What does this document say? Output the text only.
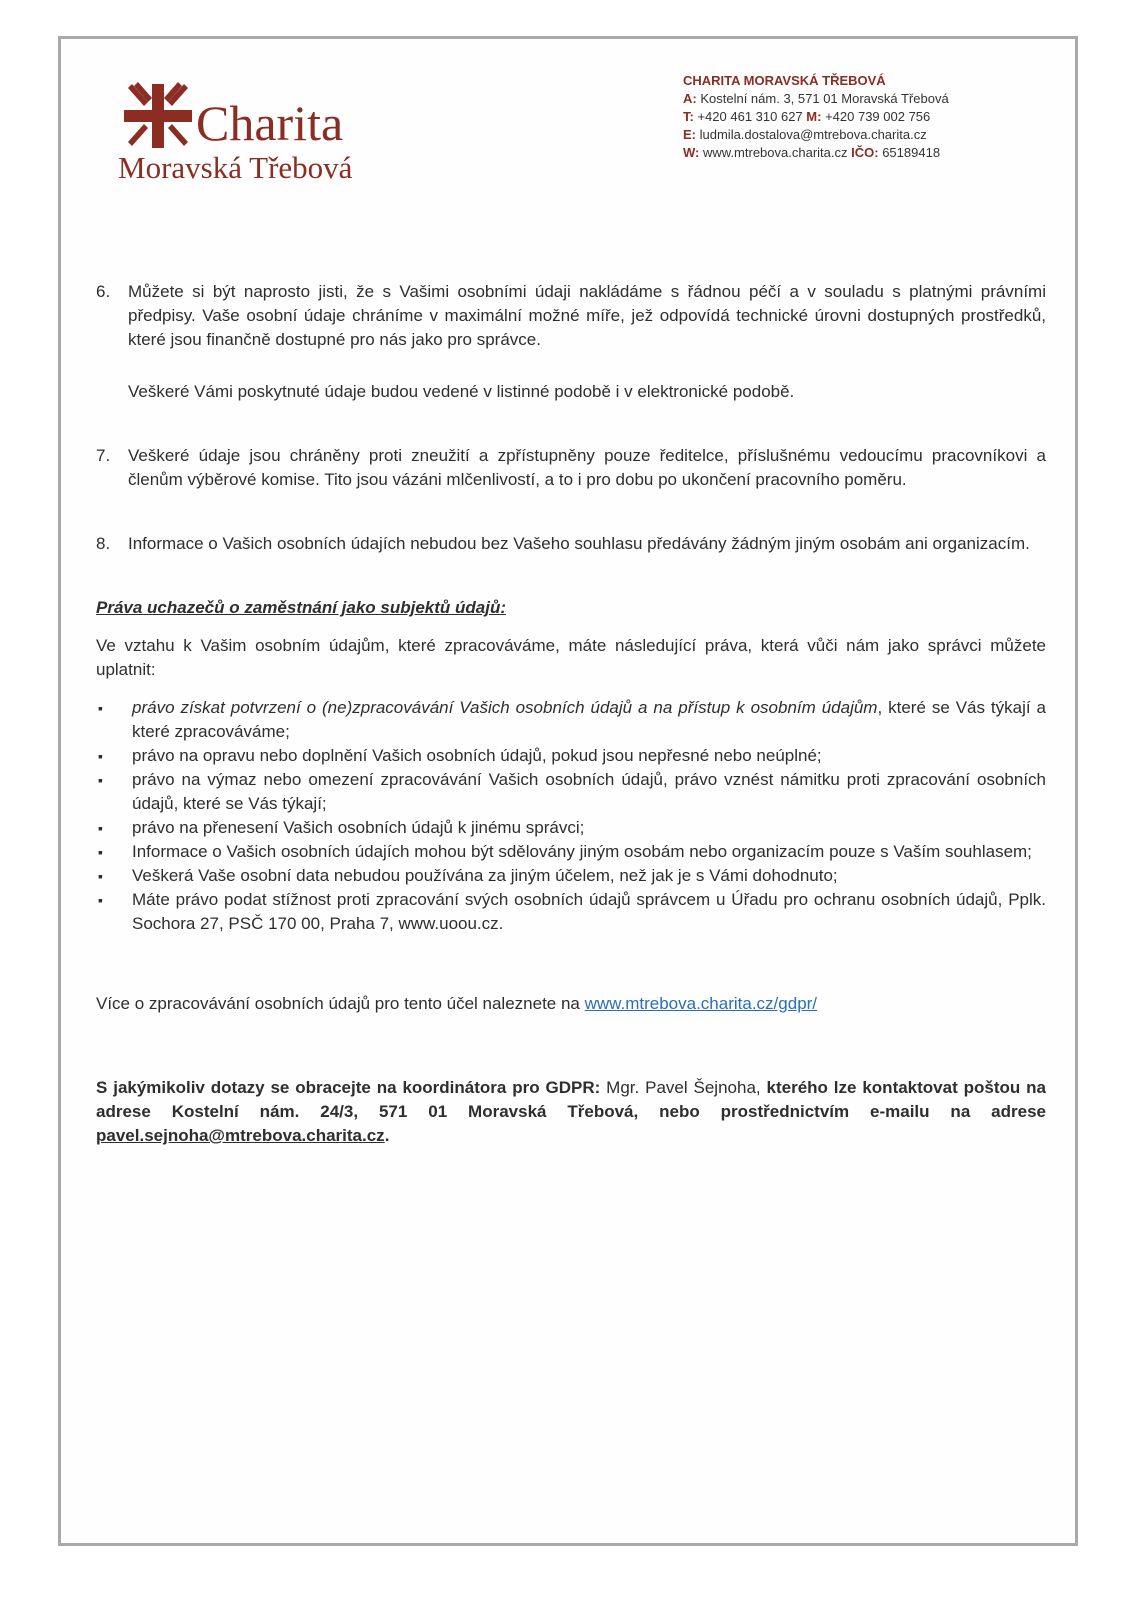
Charita
Moravská Třebová
CHARITA MORAVSKÁ TŘEBOVÁ
A: Kostelní nám. 3, 571 01 Moravská Třebová
T: +420 461 310 627 M: +420 739 002 756
E: ludmila.dostalova@mtrebova.charita.cz
W: www.mtrebova.charita.cz IČO: 65189418
6. Můžete si být naprosto jisti, že s Vašimi osobními údaji nakládáme s řádnou péčí a v souladu s platnými právními předpisy. Vaše osobní údaje chráníme v maximální možné míře, jež odpovídá technické úrovni dostupných prostředků, které jsou finančně dostupné pro nás jako pro správce.
Veškeré Vámi poskytnuté údaje budou vedené v listinné podobě i v elektronické podobě.
7. Veškeré údaje jsou chráněny proti zneužití a zpřístupněny pouze ředitelce, příslušnému vedoucímu pracovníkovi a členům výběrové komise. Tito jsou vázáni mlčenlivostí, a to i pro dobu po ukončení pracovního poměru.
8. Informace o Vašich osobních údajích nebudou bez Vašeho souhlasu předávány žádným jiným osobám ani organizacím.
Práva uchazečů o zaměstnání jako subjektů údajů:
Ve vztahu k Vašim osobním údajům, které zpracováváme, máte následující práva, která vůči nám jako správci můžete uplatnit:
▪ právo získat potvrzení o (ne)zpracovávání Vašich osobních údajů a na přístup k osobním údajům, které se Vás týkají a které zpracováváme;
▪ právo na opravu nebo doplnění Vašich osobních údajů, pokud jsou nepřesné nebo neúplné;
▪ právo na výmaz nebo omezení zpracovávání Vašich osobních údajů, právo vznést námitku proti zpracování osobních údajů, které se Vás týkají;
▪ právo na přenesení Vašich osobních údajů k jinému správci;
▪ Informace o Vašich osobních údajích mohou být sdělovány jiným osobám nebo organizacím pouze s Vaším souhlasem;
▪ Veškerá Vaše osobní data nebudou používána za jiným účelem, než jak je s Vámi dohodnuto;
▪ Máte právo podat stížnost proti zpracování svých osobních údajů správcem u Úřadu pro ochranu osobních údajů, Pplk. Sochora 27, PSČ 170 00, Praha 7, www.uoou.cz.
Více o zpracovávání osobních údajů pro tento účel naleznete na www.mtrebova.charita.cz/gdpr/
S jakýmikoliv dotazy se obracejte na koordinátora pro GDPR: Mgr. Pavel Šejnoha, kterého lze kontaktovat poštou na adrese Kostelní nám. 24/3, 571 01 Moravská Třebová, nebo prostřednictvím e-mailu na adrese pavel.sejnoha@mtrebova.charita.cz.
